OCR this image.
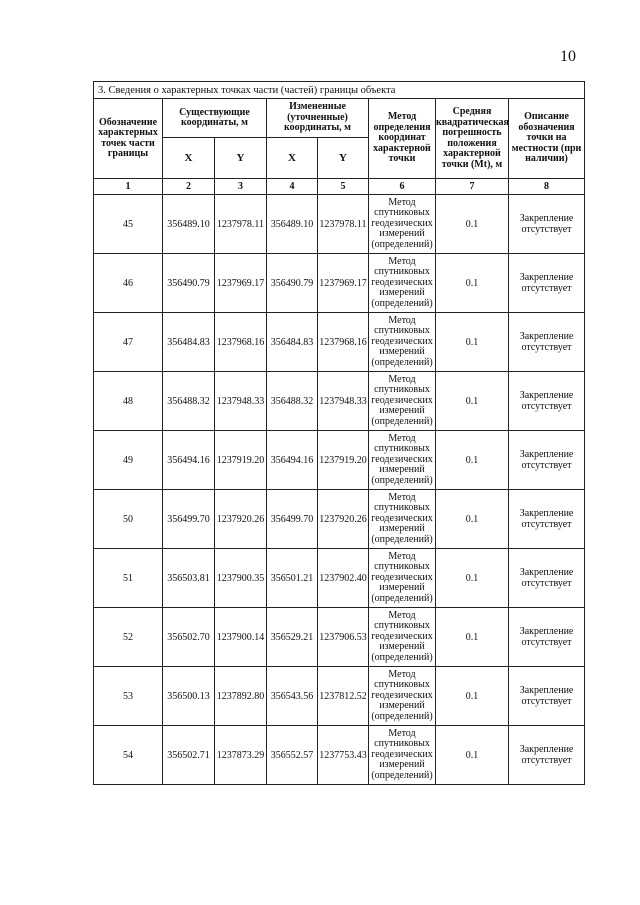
10
3. Сведения о характерных точках части (частей) границы объекта							
Обозначение характерных точек части границы	Существующие координаты, м		Измененные (уточненные) координаты, м		Метод определения координат характерной точки	Средняя квадратическая погрешность положения характерной точки (Mt), м	Описание обозначения точки на местности (при наличии)
	X	Y	X	Y			
1	2	3	4	5	6	7	8
45	356489.10	1237978.11	356489.10	1237978.11	Метод спутниковых геодезических измерений (определений)	0.1	Закрепление отсутствует
46	356490.79	1237969.17	356490.79	1237969.17	Метод спутниковых геодезических измерений (определений)	0.1	Закрепление отсутствует
47	356484.83	1237968.16	356484.83	1237968.16	Метод спутниковых геодезических измерений (определений)	0.1	Закрепление отсутствует
48	356488.32	1237948.33	356488.32	1237948.33	Метод спутниковых геодезических измерений (определений)	0.1	Закрепление отсутствует
49	356494.16	1237919.20	356494.16	1237919.20	Метод спутниковых геодезических измерений (определений)	0.1	Закрепление отсутствует
50	356499.70	1237920.26	356499.70	1237920.26	Метод спутниковых геодезических измерений (определений)	0.1	Закрепление отсутствует
51	356503.81	1237900.35	356501.21	1237902.40	Метод спутниковых геодезических измерений (определений)	0.1	Закрепление отсутствует
52	356502.70	1237900.14	356529.21	1237906.53	Метод спутниковых геодезических измерений (определений)	0.1	Закрепление отсутствует
53	356500.13	1237892.80	356543.56	1237812.52	Метод спутниковых геодезических измерений (определений)	0.1	Закрепление отсутствует
54	356502.71	1237873.29	356552.57	1237753.43	Метод спутниковых геодезических измерений (определений)	0.1	Закрепление отсутствует
